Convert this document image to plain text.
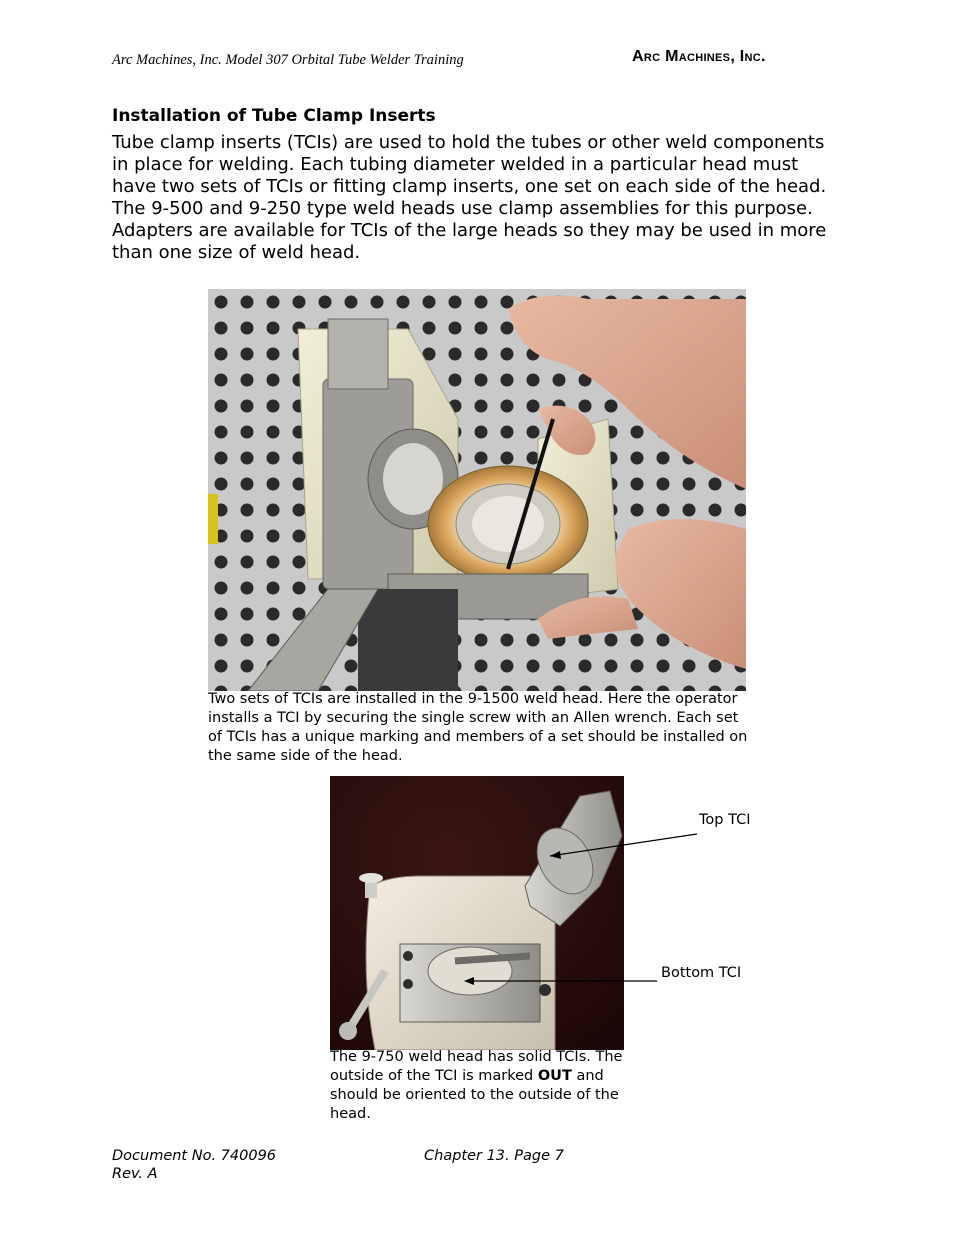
Arc Machines, Inc. Model 307 Orbital Tube Welder Training	Arc Machines, Inc.
Installation of Tube Clamp Inserts

Tube clamp inserts (TCIs) are used to hold the tubes or other weld components in place for welding. Each tubing diameter welded in a particular head must have two sets of TCIs or fitting clamp inserts, one set on each side of the head. The 9-500 and 9-250 type weld heads use clamp assemblies for this purpose. Adapters are available for TCIs of the large heads so they may be used in more than one size of weld head.

Two sets of TCIs are installed in the 9-1500 weld head. Here the operator installs a TCI by securing the single screw with an Allen wrench. Each set of TCIs has a unique marking and members of a set should be installed on the same side of the head.

Top TCI
Bottom TCI

The 9-750 weld head has solid TCIs. The outside of the TCI is marked OUT and should be oriented to the outside of the head.

Document No. 740096
Rev. A
Chapter 13. Page 7
